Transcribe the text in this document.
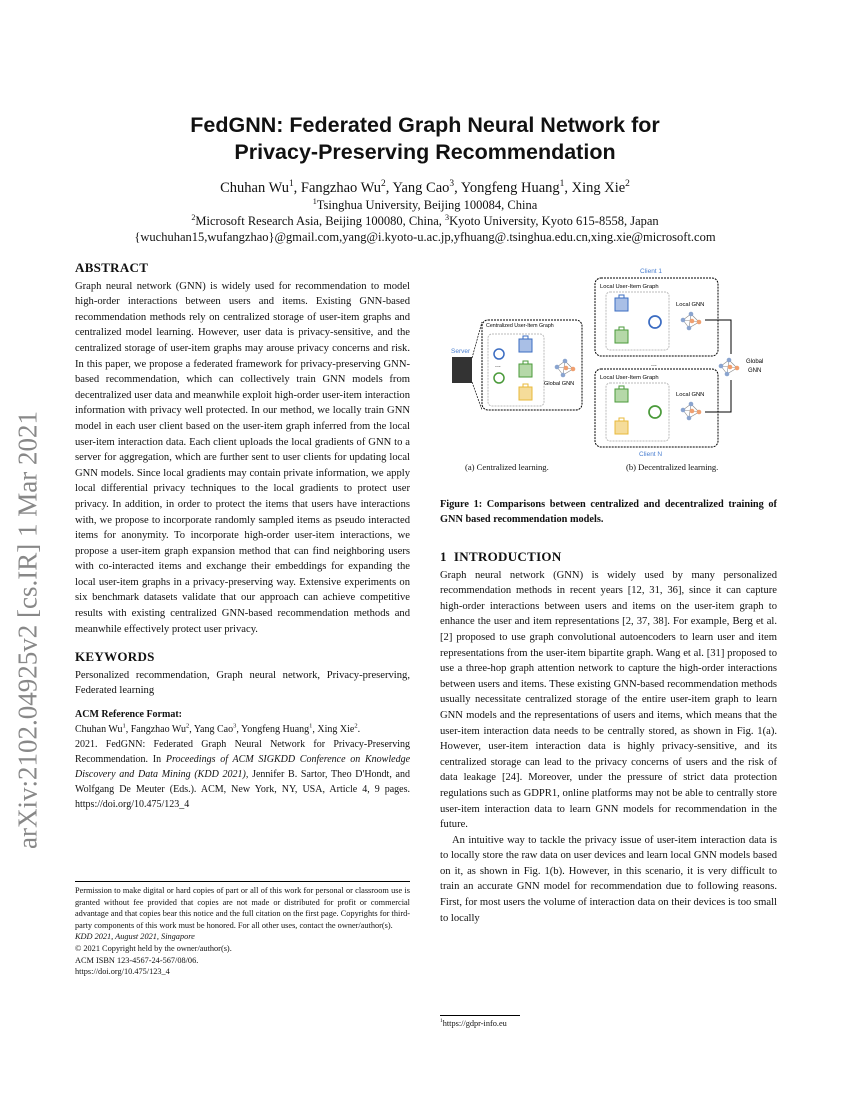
arXiv:2102.04925v2 [cs.IR] 1 Mar 2021
FedGNN: Federated Graph Neural Network for
Privacy-Preserving Recommendation
Chuhan Wu$^1$, Fangzhao Wu$^2$, Yang Cao$^3$, Yongfeng Huang$^1$, Xing Xie$^2$
$^1$Tsinghua University, Beijing 100084, China
$^2$Microsoft Research Asia, Beijing 100080, China, $^3$Kyoto University, Kyoto 615-8558, Japan
{wuchuhan15,wufangzhao}@gmail.com,yang@i.kyoto-u.ac.jp,yfhuang@.tsinghua.edu.cn,xing.xie@microsoft.com
ABSTRACT

Graph neural network (GNN) is widely used for recommendation to model high-order interactions between users and items. Existing GNN-based recommendation methods rely on centralized storage of user-item graphs and centralized model learning. However, user data is privacy-sensitive, and the centralized storage of user-item graphs may arouse privacy concerns and risk. In this paper, we propose a federated framework for privacy-preserving GNN-based recommendation, which can collectively train GNN models from decentralized user data and meanwhile exploit high-order user-item interaction information with privacy well protected. In our method, we locally train GNN model in each user client based on the user-item graph inferred from the local user-item interaction data. Each client uploads the local gradients of GNN to a server for aggregation, which are further sent to user clients for updating local GNN models. Since local gradients may contain private information, we apply local differential privacy techniques to the local gradients to protect user privacy. In addition, in order to protect the items that users have interactions with, we propose to incorporate randomly sampled items as pseudo interacted items for anonymity. To incorporate high-order user-item interactions, we propose a user-item graph expansion method that can find neighboring users with co-interacted items and exchange their embeddings for expanding the local user-item graphs in a privacy-preserving way. Extensive experiments on six benchmark datasets validate that our approach can achieve competitive results with existing centralized GNN-based recommendation methods and meanwhile effectively protect user privacy.

KEYWORDS

Personalized recommendation, Graph neural network, Privacy-preserving, Federated learning

ACM Reference Format:
Chuhan Wu$^1$, Fangzhao Wu$^2$, Yang Cao$^3$, Yongfeng Huang$^1$, Xing Xie$^2$.
2021. FedGNN: Federated Graph Neural Network for Privacy-Preserving Recommendation. In Proceedings of ACM SIGKDD Conference on Knowledge Discovery and Data Mining (KDD 2021), Jennifer B. Sartor, Theo D'Hondt, and Wolfgang De Meuter (Eds.). ACM, New York, NY, USA, Article 4, 9 pages. https://doi.org/10.475/123_4

Permission to make digital or hard copies of part or all of this work for personal or classroom use is granted without fee provided that copies are not made or distributed for profit or commercial advantage and that copies bear this notice and the full citation on the first page. Copyrights for third-party components of this work must be honored. For all other uses, contact the owner/author(s).

KDD 2021, August 2021, Singapore

© 2021 Copyright held by the owner/author(s).

ACM ISBN 123-4567-24-567/08/06.

https://doi.org/10.475/123_4

Server
Centralized User-Item Graph
...
Global GNN
Client 1
Local User-Item Graph
Local GNN
...
Local User-Item Graph
Local GNN
Client N
Global
GNN
(a) Centralized learning.	(b) Decentralized learning.

Figure 1: Comparisons between centralized and decentralized training of GNN based recommendation models.

1 INTRODUCTION

Graph neural network (GNN) is widely used by many personalized recommendation methods in recent years [12, 31, 36], since it can capture high-order interactions between users and items on the user-item graph to enhance the user and item representations [2, 37, 38]. For example, Berg et al. [2] proposed to use graph convolutional autoencoders to learn user and item representations from the user-item bipartite graph. Wang et al. [31] proposed to use a three-hop graph attention network to capture the high-order interactions between users and items. These existing GNN-based recommendation methods usually necessitate centralized storage of the entire user-item graph to learn GNN models and the representations of users and items, which means that the user-item interaction data needs to be centrally stored, as shown in Fig. 1(a). However, user-item interaction data is highly privacy-sensitive, and its centralized storage can lead to the privacy concerns of users and the risk of data leakage [24]. Moreover, under the pressure of strict data protection regulations such as GDPR1, online platforms may not be able to centrally store user-item interaction data to learn GNN models for recommendation in the future.

An intuitive way to tackle the privacy issue of user-item interaction data is to locally store the raw data on user devices and learn local GNN models based on it, as shown in Fig. 1(b). However, in this scenario, it is very difficult to train an accurate GNN model for recommendation due to following reasons. First, for most users the volume of interaction data on their devices is too small to locally

$^1$https://gdpr-info.eu
